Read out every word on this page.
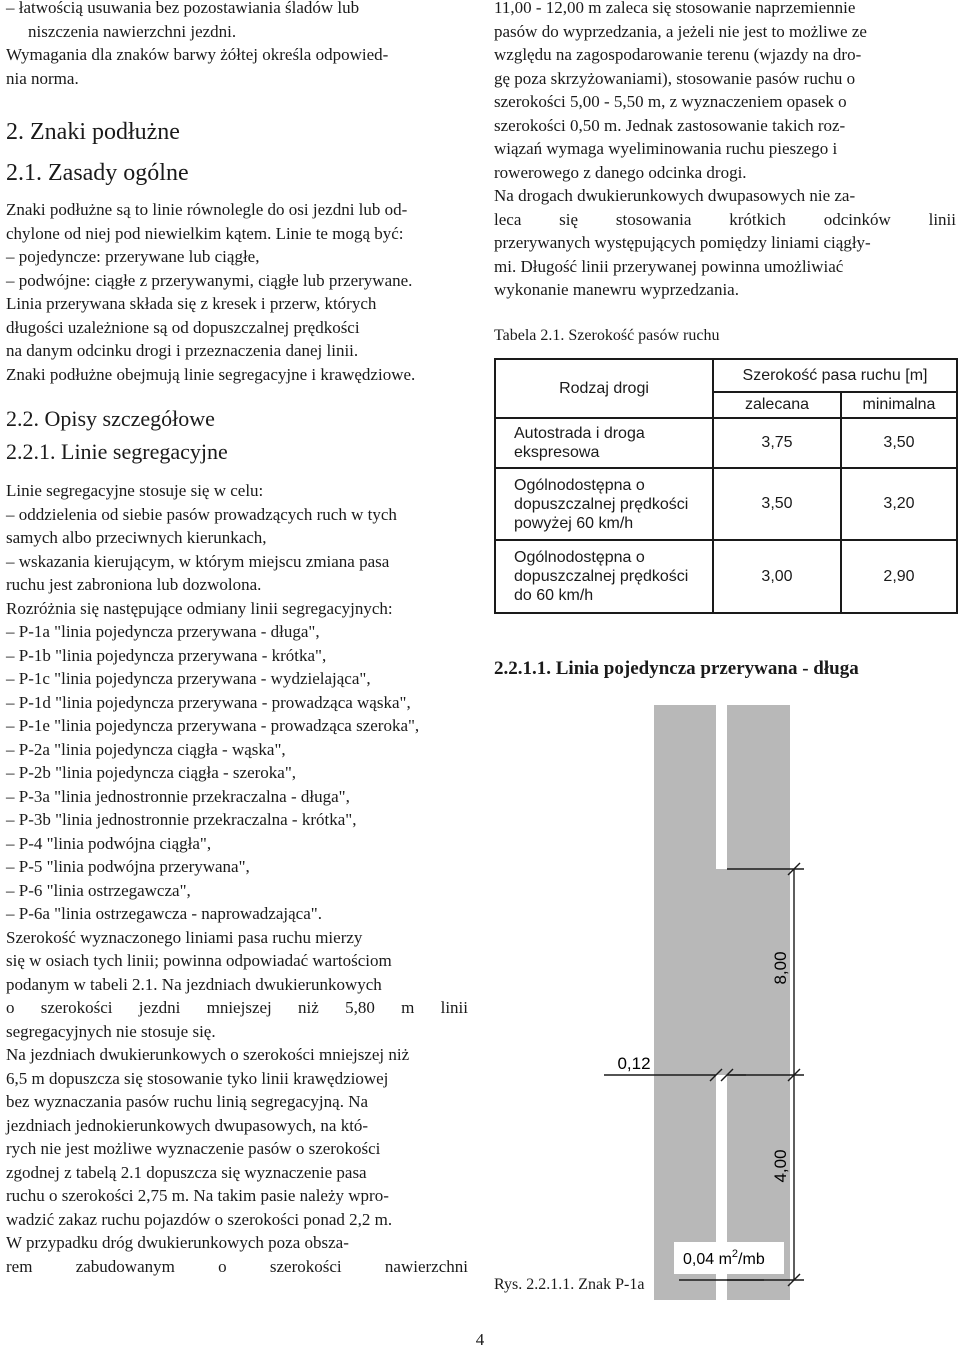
– łatwością usuwania bez pozostawiania śladów lub
niszczenia nawierzchni jezdni.
Wymagania dla znaków barwy żółtej określa odpowied-
nia norma.
2. Znaki podłużne
2.1. Zasady ogólne
Znaki podłużne są to linie równolegle do osi jezdni lub od-
chylone od niej pod niewielkim kątem. Linie te mogą być:
– pojedyncze: przerywane lub ciągłe,
– podwójne: ciągłe z przerywanymi, ciągłe lub przerywane.
Linia przerywana składa się z kresek i przerw, których
długości uzależnione są od dopuszczalnej prędkości
na danym odcinku drogi i przeznaczenia danej linii.
Znaki podłużne obejmują linie segregacyjne i krawędziowe.
2.2. Opisy szczegółowe
2.2.1. Linie segregacyjne
Linie segregacyjne stosuje się w celu:
– oddzielenia od siebie pasów prowadzących ruch w tych
samych albo przeciwnych kierunkach,
– wskazania kierującym, w którym miejscu zmiana pasa
ruchu jest zabroniona lub dozwolona.
Rozróżnia się następujące odmiany linii segregacyjnych:
– P-1a "linia pojedyncza przerywana - długa",
– P-1b "linia pojedyncza przerywana - krótka",
– P-1c "linia pojedyncza przerywana - wydzielająca",
– P-1d "linia pojedyncza przerywana - prowadząca wąska",
– P-1e "linia pojedyncza przerywana - prowadząca szeroka",
– P-2a "linia pojedyncza ciągła - wąska",
– P-2b "linia pojedyncza ciągła - szeroka",
– P-3a "linia jednostronnie przekraczalna - długa",
– P-3b "linia jednostronnie przekraczalna - krótka",
– P-4 "linia podwójna ciągła",
– P-5 "linia podwójna przerywana",
– P-6 "linia ostrzegawcza",
– P-6a "linia ostrzegawcza - naprowadzająca".
Szerokość wyznaczonego liniami pasa ruchu mierzy
się w osiach tych linii; powinna odpowiadać wartościom
podanym w tabeli 2.1. Na jezdniach dwukierunkowych
o szerokości jezdni mniejszej niż 5,80 m linii
segregacyjnych nie stosuje się.
Na jezdniach dwukierunkowych o szerokości mniejszej niż
6,5 m dopuszcza się stosowanie tyko linii krawędziowej
bez wyznaczania pasów ruchu linią segregacyjną. Na
jezdniach jednokierunkowych dwupasowych, na któ-
rych nie jest możliwe wyznaczenie pasów o szerokości
zgodnej z tabelą 2.1 dopuszcza się wyznaczenie pasa
ruchu o szerokości 2,75 m. Na takim pasie należy wpro-
wadzić zakaz ruchu pojazdów o szerokości ponad 2,2 m.
W przypadku dróg dwukierunkowych poza obsza-
rem zabudowanym o szerokości nawierzchni
11,00 - 12,00 m zaleca się stosowanie naprzemiennie
pasów do wyprzedzania, a jeżeli nie jest to możliwe ze
względu na zagospodarowanie terenu (wjazdy na dro-
gę poza skrzyżowaniami), stosowanie pasów ruchu o
szerokości 5,00 - 5,50 m, z wyznaczeniem opasek o
szerokości 0,50 m. Jednak zastosowanie takich roz-
wiązań wymaga wyeliminowania ruchu pieszego i
rowerowego z danego odcinka drogi.
Na drogach dwukierunkowych dwupasowych nie za-
leca się stosowania krótkich odcinków linii
przerywanych występujących pomiędzy liniami ciągły-
mi. Długość linii przerywanej powinna umożliwiać
wykonanie manewru wyprzedzania.
Tabela 2.1. Szerokość pasów ruchu
Rodzaj drogi	Szerokość pasa ruchu [m]	
	zalecana	minimalna

Autostrada i droga
ekspresowa	3,75	3,50

Ogólnodostępna o
dopuszczalnej prędkości
powyżej 60 km/h	3,50	3,20

Ogólnodostępna o
dopuszczalnej prędkości
do 60 km/h	3,00	2,90
2.2.1.1. Linia pojedyncza przerywana - długa
8,00
4,00
0,12
0,04 $m^2/mb$
Rys. 2.2.1.1. Znak P-1a
4
